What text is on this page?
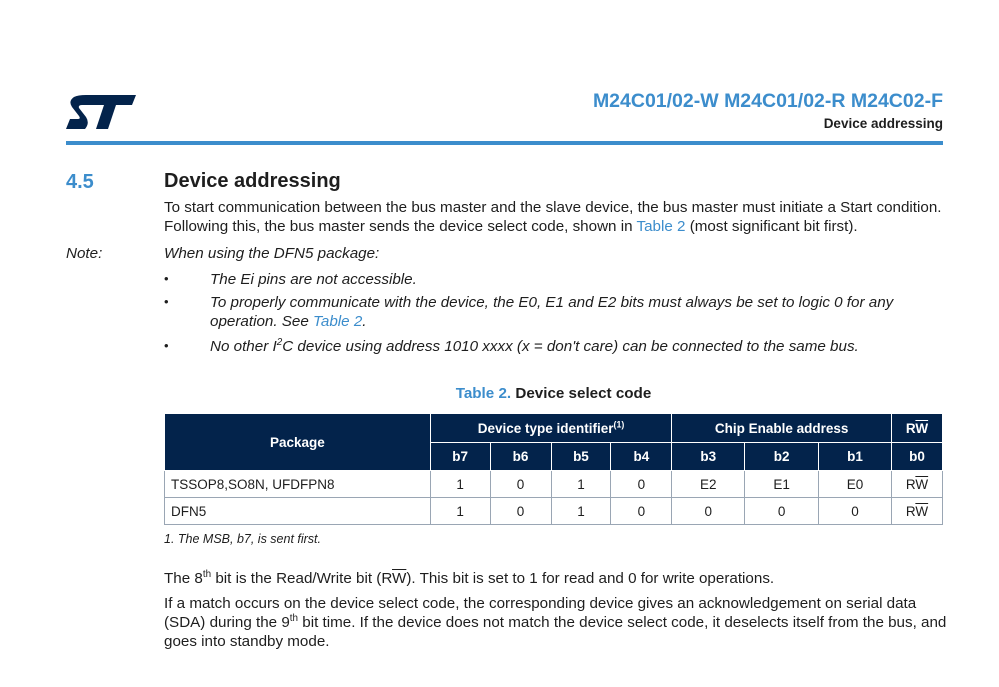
M24C01/02-W M24C01/02-R M24C02-F
Device addressing
4.5	Device addressing
To start communication between the bus master and the slave device, the bus master must initiate a Start condition. Following this, the bus master sends the device select code, shown in Table 2 (most significant bit first).
Note:	When using the DFN5 package:
•	The Ei pins are not accessible.
•	To properly communicate with the device, the E0, E1 and E2 bits must always be set to logic 0 for any operation. See Table 2.
•	No other $I^2C$ device using address 1010 xxxx (x = don't care) can be connected to the same bus.
Table 2. Device select code
Package	Device type identifier$^{(1)}$				Chip Enable address			$R\overline{W}$
	b7	b6	b5	b4	b3	b2	b1	b0
TSSOP8,SO8N, UFDFPN8	1	0	1	0	E2	E1	E0	$R\overline{W}$
DFN5	1	0	1	0	0	0	0	$R\overline{W}$
1. The MSB, b7, is sent first.
The 8th bit is the Read/Write bit $(R\overline{W})$. This bit is set to 1 for read and 0 for write operations.
If a match occurs on the device select code, the corresponding device gives an acknowledgement on serial data (SDA) during the 9th bit time. If the device does not match the device select code, it deselects itself from the bus, and goes into standby mode.
